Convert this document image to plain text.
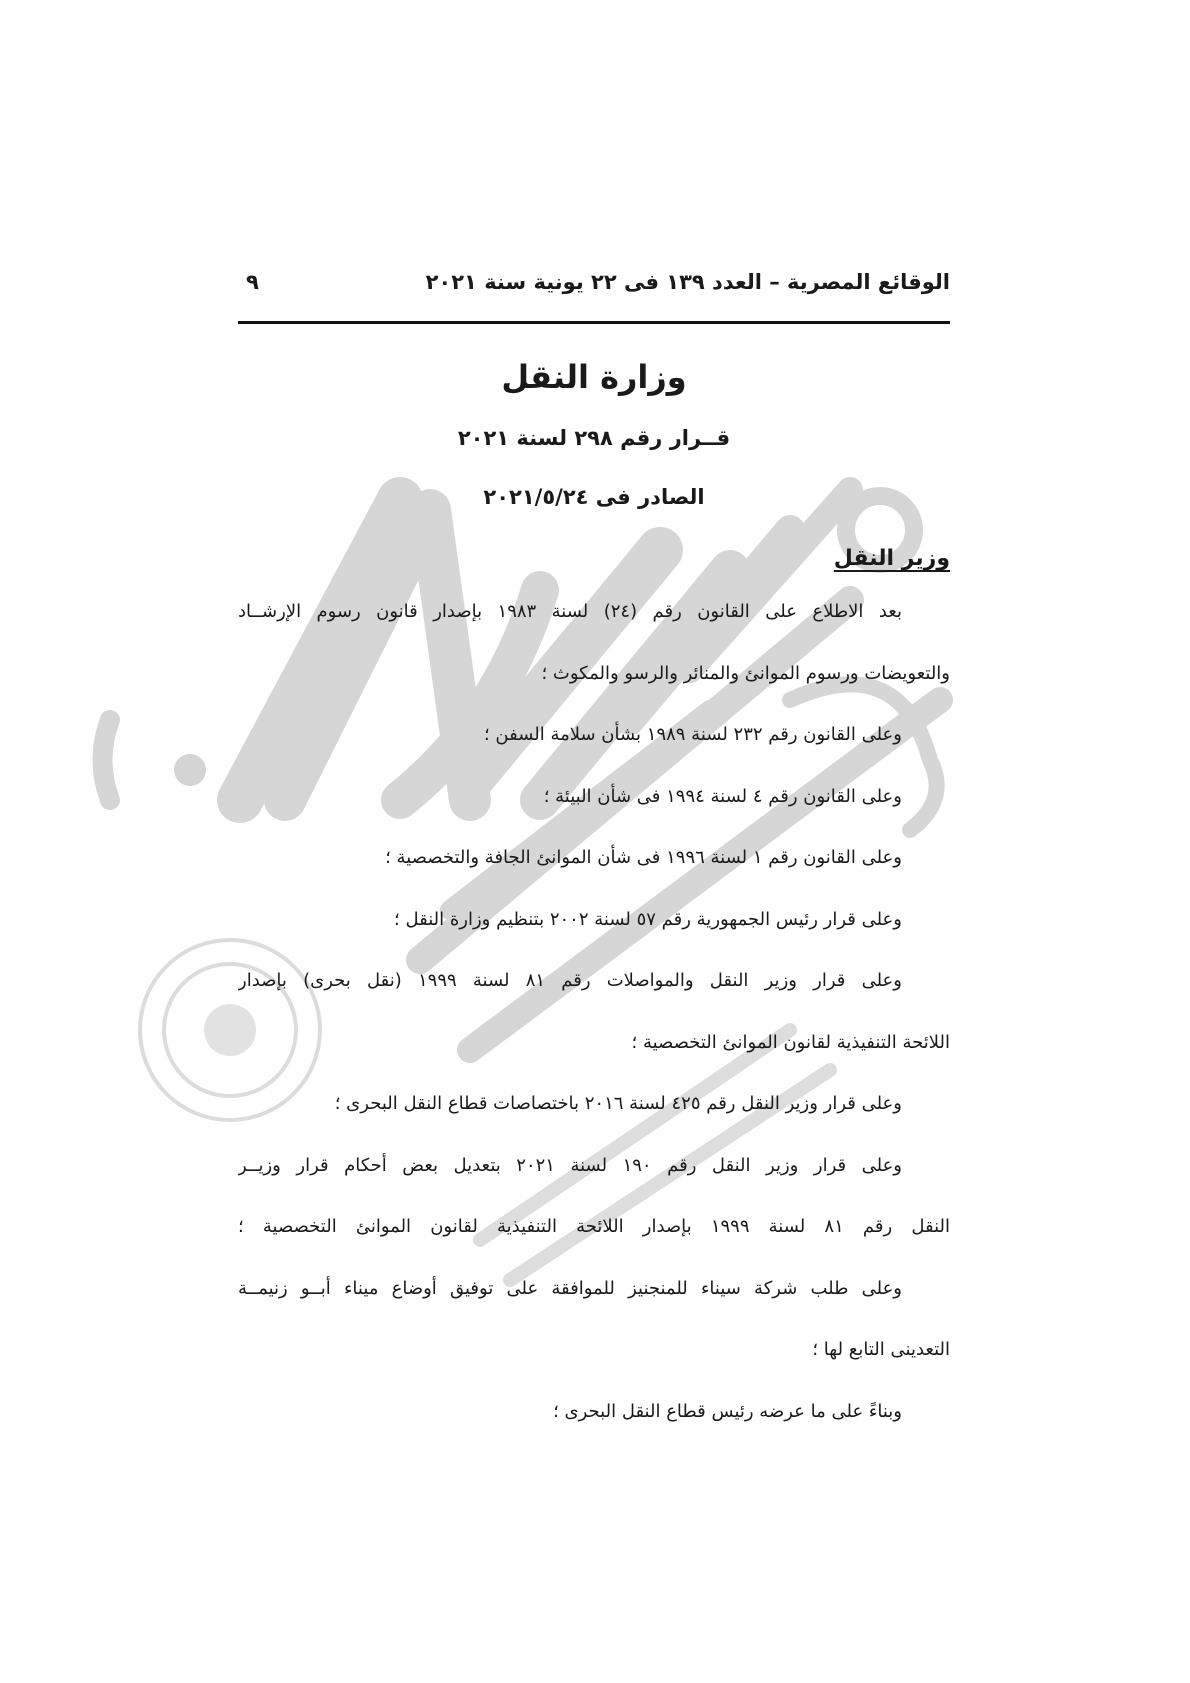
الوقائع المصرية – العدد ١٣٩ فى ٢٢ يونية سنة ٢٠٢١
٩
وزارة النقل
قــرار رقم ٢٩٨ لسنة ٢٠٢١
الصادر فى ٢٠٢١/٥/٢٤
وزير النقل
بعد الاطلاع على القانون رقم (٢٤) لسنة ١٩٨٣ بإصدار قانون رسوم الإرشــاد
والتعويضات ورسوم الموانئ والمنائر والرسو والمكوث ؛
وعلى القانون رقم ٢٣٢ لسنة ١٩٨٩ بشأن سلامة السفن ؛
وعلى القانون رقم ٤ لسنة ١٩٩٤ فى شأن البيئة ؛
وعلى القانون رقم ١ لسنة ١٩٩٦ فى شأن الموانئ الجافة والتخصصية ؛
وعلى قرار رئيس الجمهورية رقم ٥٧ لسنة ٢٠٠٢ بتنظيم وزارة النقل ؛
وعلى قرار وزير النقل والمواصلات رقم ٨١ لسنة ١٩٩٩ (نقل بحرى) بإصدار
اللائحة التنفيذية لقانون الموانئ التخصصية ؛
وعلى قرار وزير النقل رقم ٤٢٥ لسنة ٢٠١٦ باختصاصات قطاع النقل البحرى ؛
وعلى قرار وزير النقل رقم ١٩٠ لسنة ٢٠٢١ بتعديل بعض أحكام قرار وزيــر
النقل رقم ٨١ لسنة ١٩٩٩ بإصدار اللائحة التنفيذية لقانون الموانئ التخصصية ؛
وعلى طلب شركة سيناء للمنجنيز للموافقة على توفيق أوضاع ميناء أبــو زنيمــة
التعدينى التابع لها ؛
وبناءً على ما عرضه رئيس قطاع النقل البحرى ؛
